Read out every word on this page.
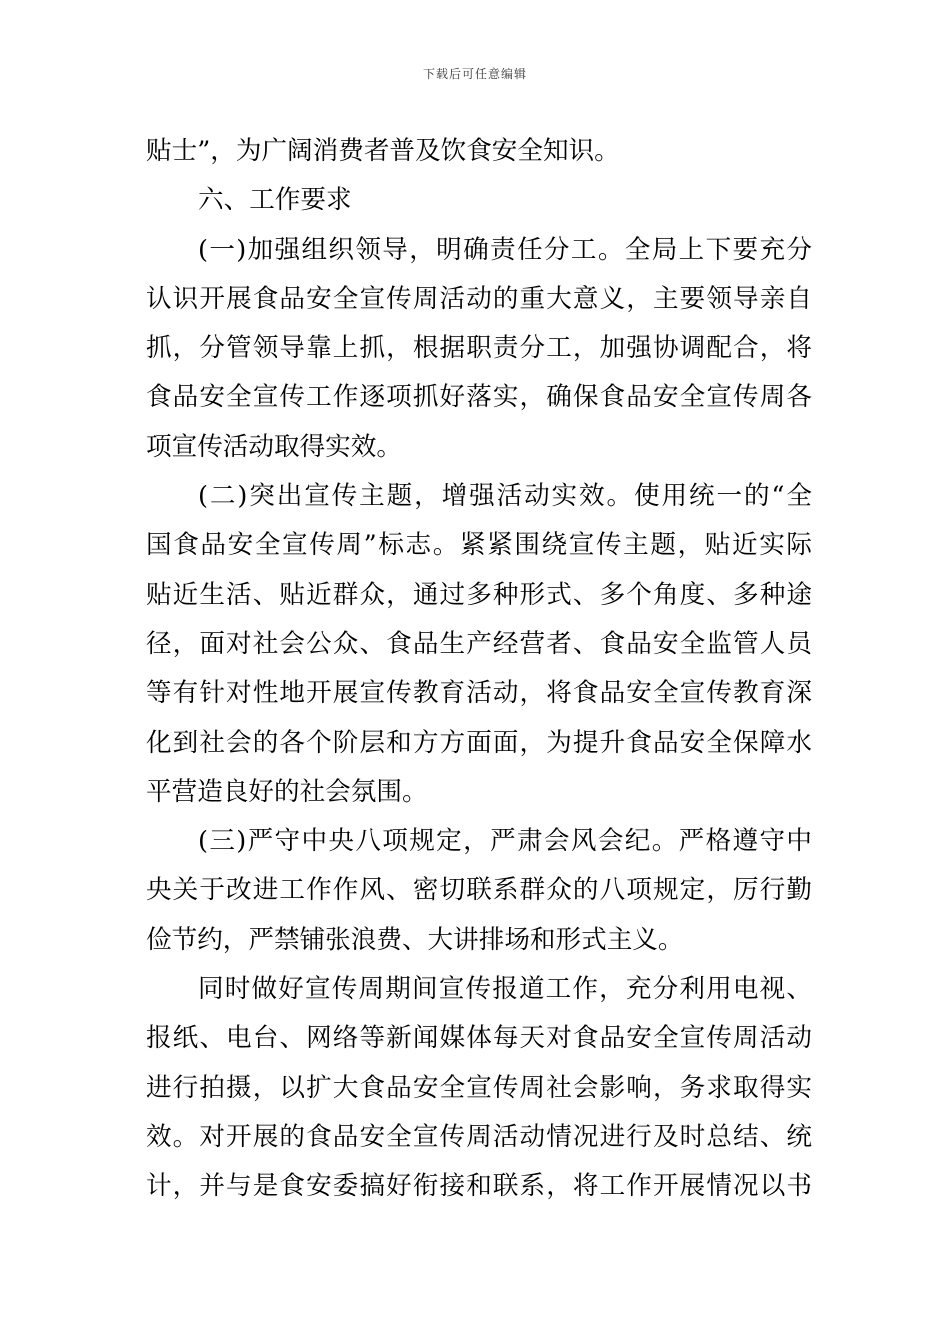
下载后可任意编辑
贴士”，为广阔消费者普及饮食安全知识。
六、工作要求
(一)加强组织领导，明确责任分工。全局上下要充分
认识开展食品安全宣传周活动的重大意义，主要领导亲自
抓，分管领导靠上抓，根据职责分工，加强协调配合，将
食品安全宣传工作逐项抓好落实，确保食品安全宣传周各
项宣传活动取得实效。
(二)突出宣传主题，增强活动实效。使用统一的“全
国食品安全宣传周”标志。紧紧围绕宣传主题，贴近实际
贴近生活、贴近群众，通过多种形式、多个角度、多种途
径，面对社会公众、食品生产经营者、食品安全监管人员
等有针对性地开展宣传教育活动，将食品安全宣传教育深
化到社会的各个阶层和方方面面，为提升食品安全保障水
平营造良好的社会氛围。
(三)严守中央八项规定，严肃会风会纪。严格遵守中
央关于改进工作作风、密切联系群众的八项规定，厉行勤
俭节约，严禁铺张浪费、大讲排场和形式主义。
同时做好宣传周期间宣传报道工作，充分利用电视、
报纸、电台、网络等新闻媒体每天对食品安全宣传周活动
进行拍摄，以扩大食品安全宣传周社会影响，务求取得实
效。对开展的食品安全宣传周活动情况进行及时总结、统
计，并与是食安委搞好衔接和联系，将工作开展情况以书
